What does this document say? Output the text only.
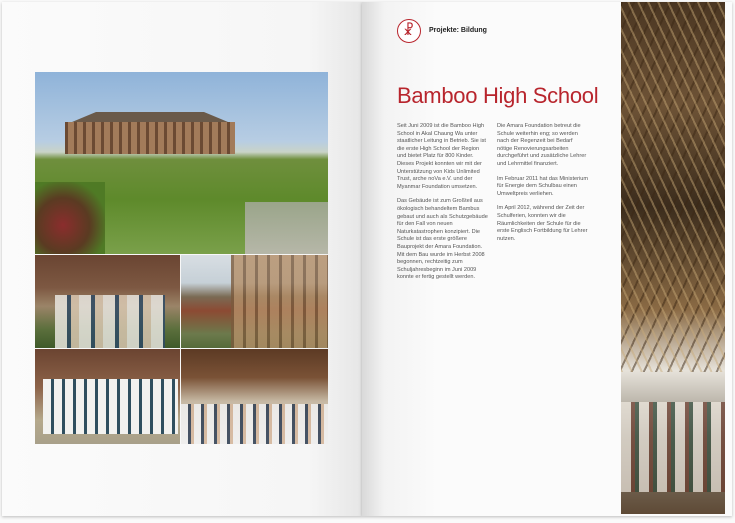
☧ Projekte: Bildung
Bamboo High School

Seit Juni 2009 ist die Bamboo High School in Akal Chaung Wa unter staatlicher Leitung in Betrieb. Sie ist die erste High School der Region und bietet Platz für 800 Kinder. Dieses Projekt konnten wir mit der Unterstützung von Kids Unlimited Trust, arche noVa e.V. und der Myanmar Foundation umsetzen.

Das Gebäude ist zum Großteil aus ökologisch behandeltem Bambus gebaut und auch als Schutzgebäude für den Fall von neuen Naturkatastrophen konzipiert. Die Schule ist das erste größere Bauprojekt der Amara Foundation. Mit dem Bau wurde im Herbst 2008 begonnen, rechtzeitig zum Schuljahresbeginn im Juni 2009 konnte er fertig gestellt werden.

Die Amara Foundation betreut die Schule weiterhin eng; so werden nach der Regenzeit bei Bedarf nötige Renovierungsarbeiten durchgeführt und zusätzliche Lehrer und Lehrmittel finanziert.

Im Februar 2011 hat das Ministerium für Energie dem Schulbau einen Umweltpreis verliehen.

Im April 2012, während der Zeit der Schulferien, konnten wir die Räumlichkeiten der Schule für die erste Englisch Fortbildung für Lehrer nutzen.
